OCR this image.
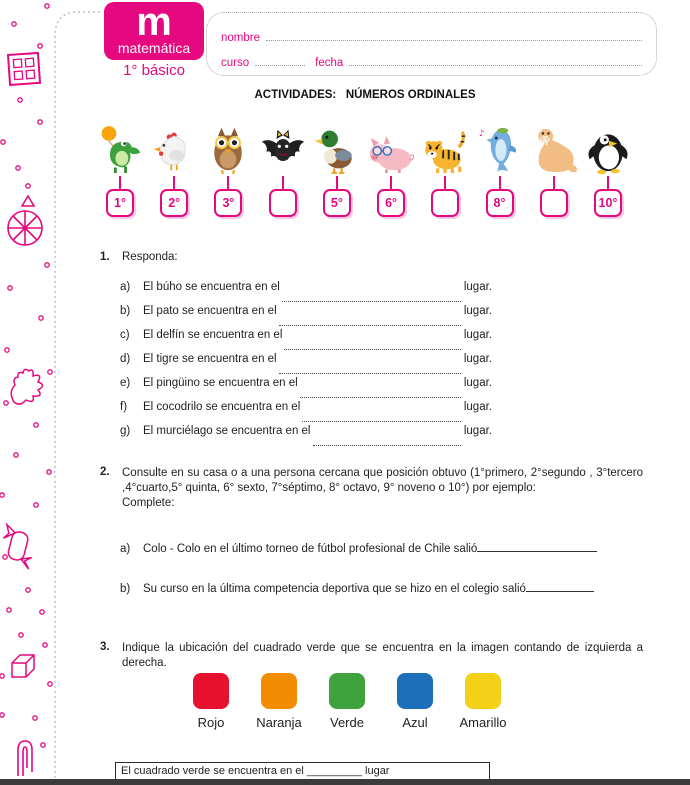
m
matemática
1° básico
nombre
curso	fecha
ACTIVIDADES:   NÚMEROS ORDINALES
1°	2°	3°	5°	6°
♪
8°	10°
1.	Responda:
a)	El búho se encuentra en el	lugar.
b)	El pato se encuentra en el	lugar.
c)	El delfín se encuentra en el	lugar.
d)	El tigre se encuentra en el	lugar.
e)	El pingüino se encuentra en el	lugar.
f)	El cocodrilo se encuentra en el	lugar.
g)	El murciélago se encuentra en el	lugar.
2.	Consulte en su casa o a una persona cercana que posición obtuvo (1°primero, 2°segundo , 3°tercero ,4°cuarto,5° quinta, 6° sexto, 7°séptimo, 8° octavo, 9° noveno o 10°) por ejemplo:
Complete:
a)	Colo - Colo en el último torneo de fútbol profesional de Chile salió
b)	Su curso en la última competencia deportiva que se hizo en el colegio salió
3.	Indique la ubicación del cuadrado verde que se encuentra en la imagen contando de izquierda a derecha.
Rojo Naranja Verde	Azul Amarillo
El cuadrado verde se encuentra en el _________ lugar
